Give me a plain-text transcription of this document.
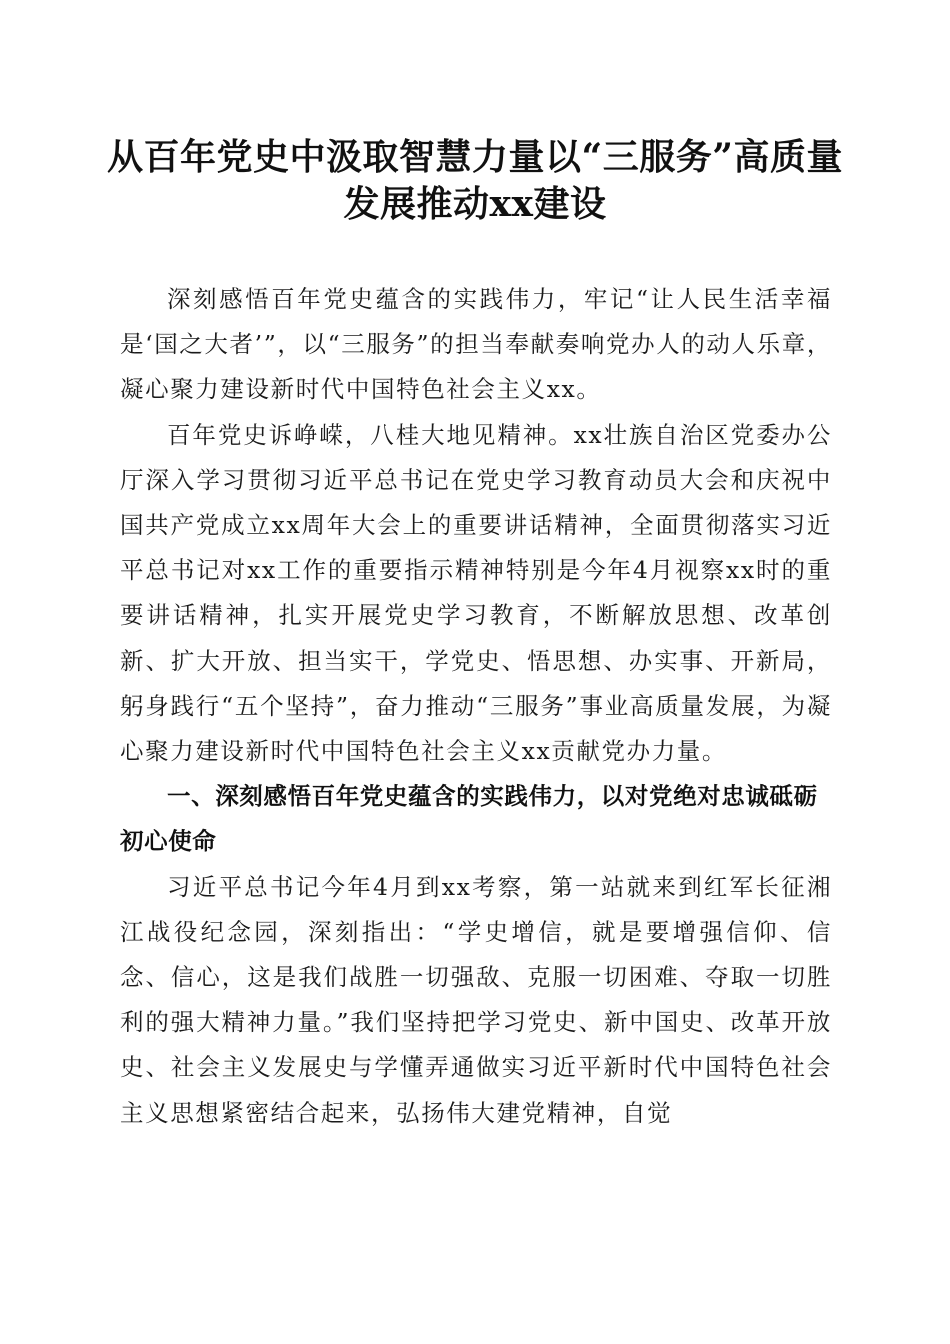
从百年党史中汲取智慧力量以“三服务”高质量发展推动xx建设

深刻感悟百年党史蕴含的实践伟力，牢记“让人民生活幸福是‘国之大者’”，以“三服务”的担当奉献奏响党办人的动人乐章，凝心聚力建设新时代中国特色社会主义xx。

百年党史诉峥嵘，八桂大地见精神。xx壮族自治区党委办公厅深入学习贯彻习近平总书记在党史学习教育动员大会和庆祝中国共产党成立xx周年大会上的重要讲话精神，全面贯彻落实习近平总书记对xx工作的重要指示精神特别是今年4月视察xx时的重要讲话精神，扎实开展党史学习教育，不断解放思想、改革创新、扩大开放、担当实干，学党史、悟思想、办实事、开新局，躬身践行“五个坚持”，奋力推动“三服务”事业高质量发展，为凝心聚力建设新时代中国特色社会主义xx贡献党办力量。

一、深刻感悟百年党史蕴含的实践伟力，以对党绝对忠诚砥砺初心使命

习近平总书记今年4月到xx考察，第一站就来到红军长征湘江战役纪念园，深刻指出：“学史增信，就是要增强信仰、信念、信心，这是我们战胜一切强敌、克服一切困难、夺取一切胜利的强大精神力量。”我们坚持把学习党史、新中国史、改革开放史、社会主义发展史与学懂弄通做实习近平新时代中国特色社会主义思想紧密结合起来，弘扬伟大建党精神，自觉
